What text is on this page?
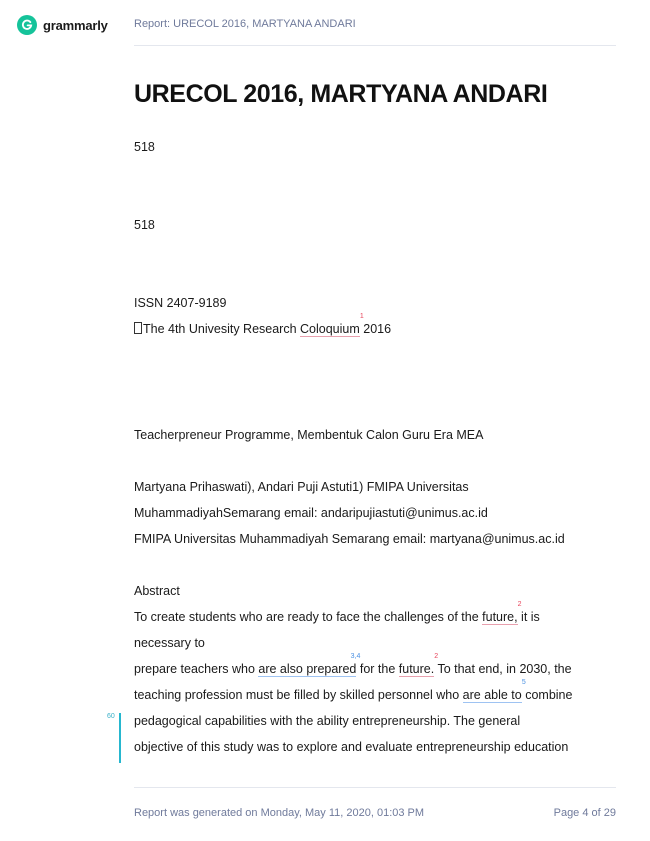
grammarly Report: URECOL 2016, MARTYANA ANDARI
URECOL 2016, MARTYANA ANDARI
518
518
ISSN 2407-9189
The 4th Univesity Research Coloquium
1
2016
Teacherpreneur Programme, Membentuk Calon Guru Era MEA
Martyana Prihaswati), Andari Puji Astuti1) FMIPA Universitas
MuhammadiyahSemarang email: andaripujiastuti@unimus.ac.id
FMIPA Universitas Muhammadiyah Semarang email: martyana@unimus.ac.id
Abstract
To create students who are ready to face the challenges of the future,
2
it is
necessary to
prepare teachers who are also prepared
3,4
for the future.
2
To that end, in 2030, the
teaching profession must be filled by skilled personnel who are able to
5
combine
pedagogical capabilities with the ability entrepreneurship. The general
objective of this study was to explore and evaluate entrepreneurship education
60
Report was generated on Monday, May 11, 2020, 01:03 PM	Page 4 of 29
